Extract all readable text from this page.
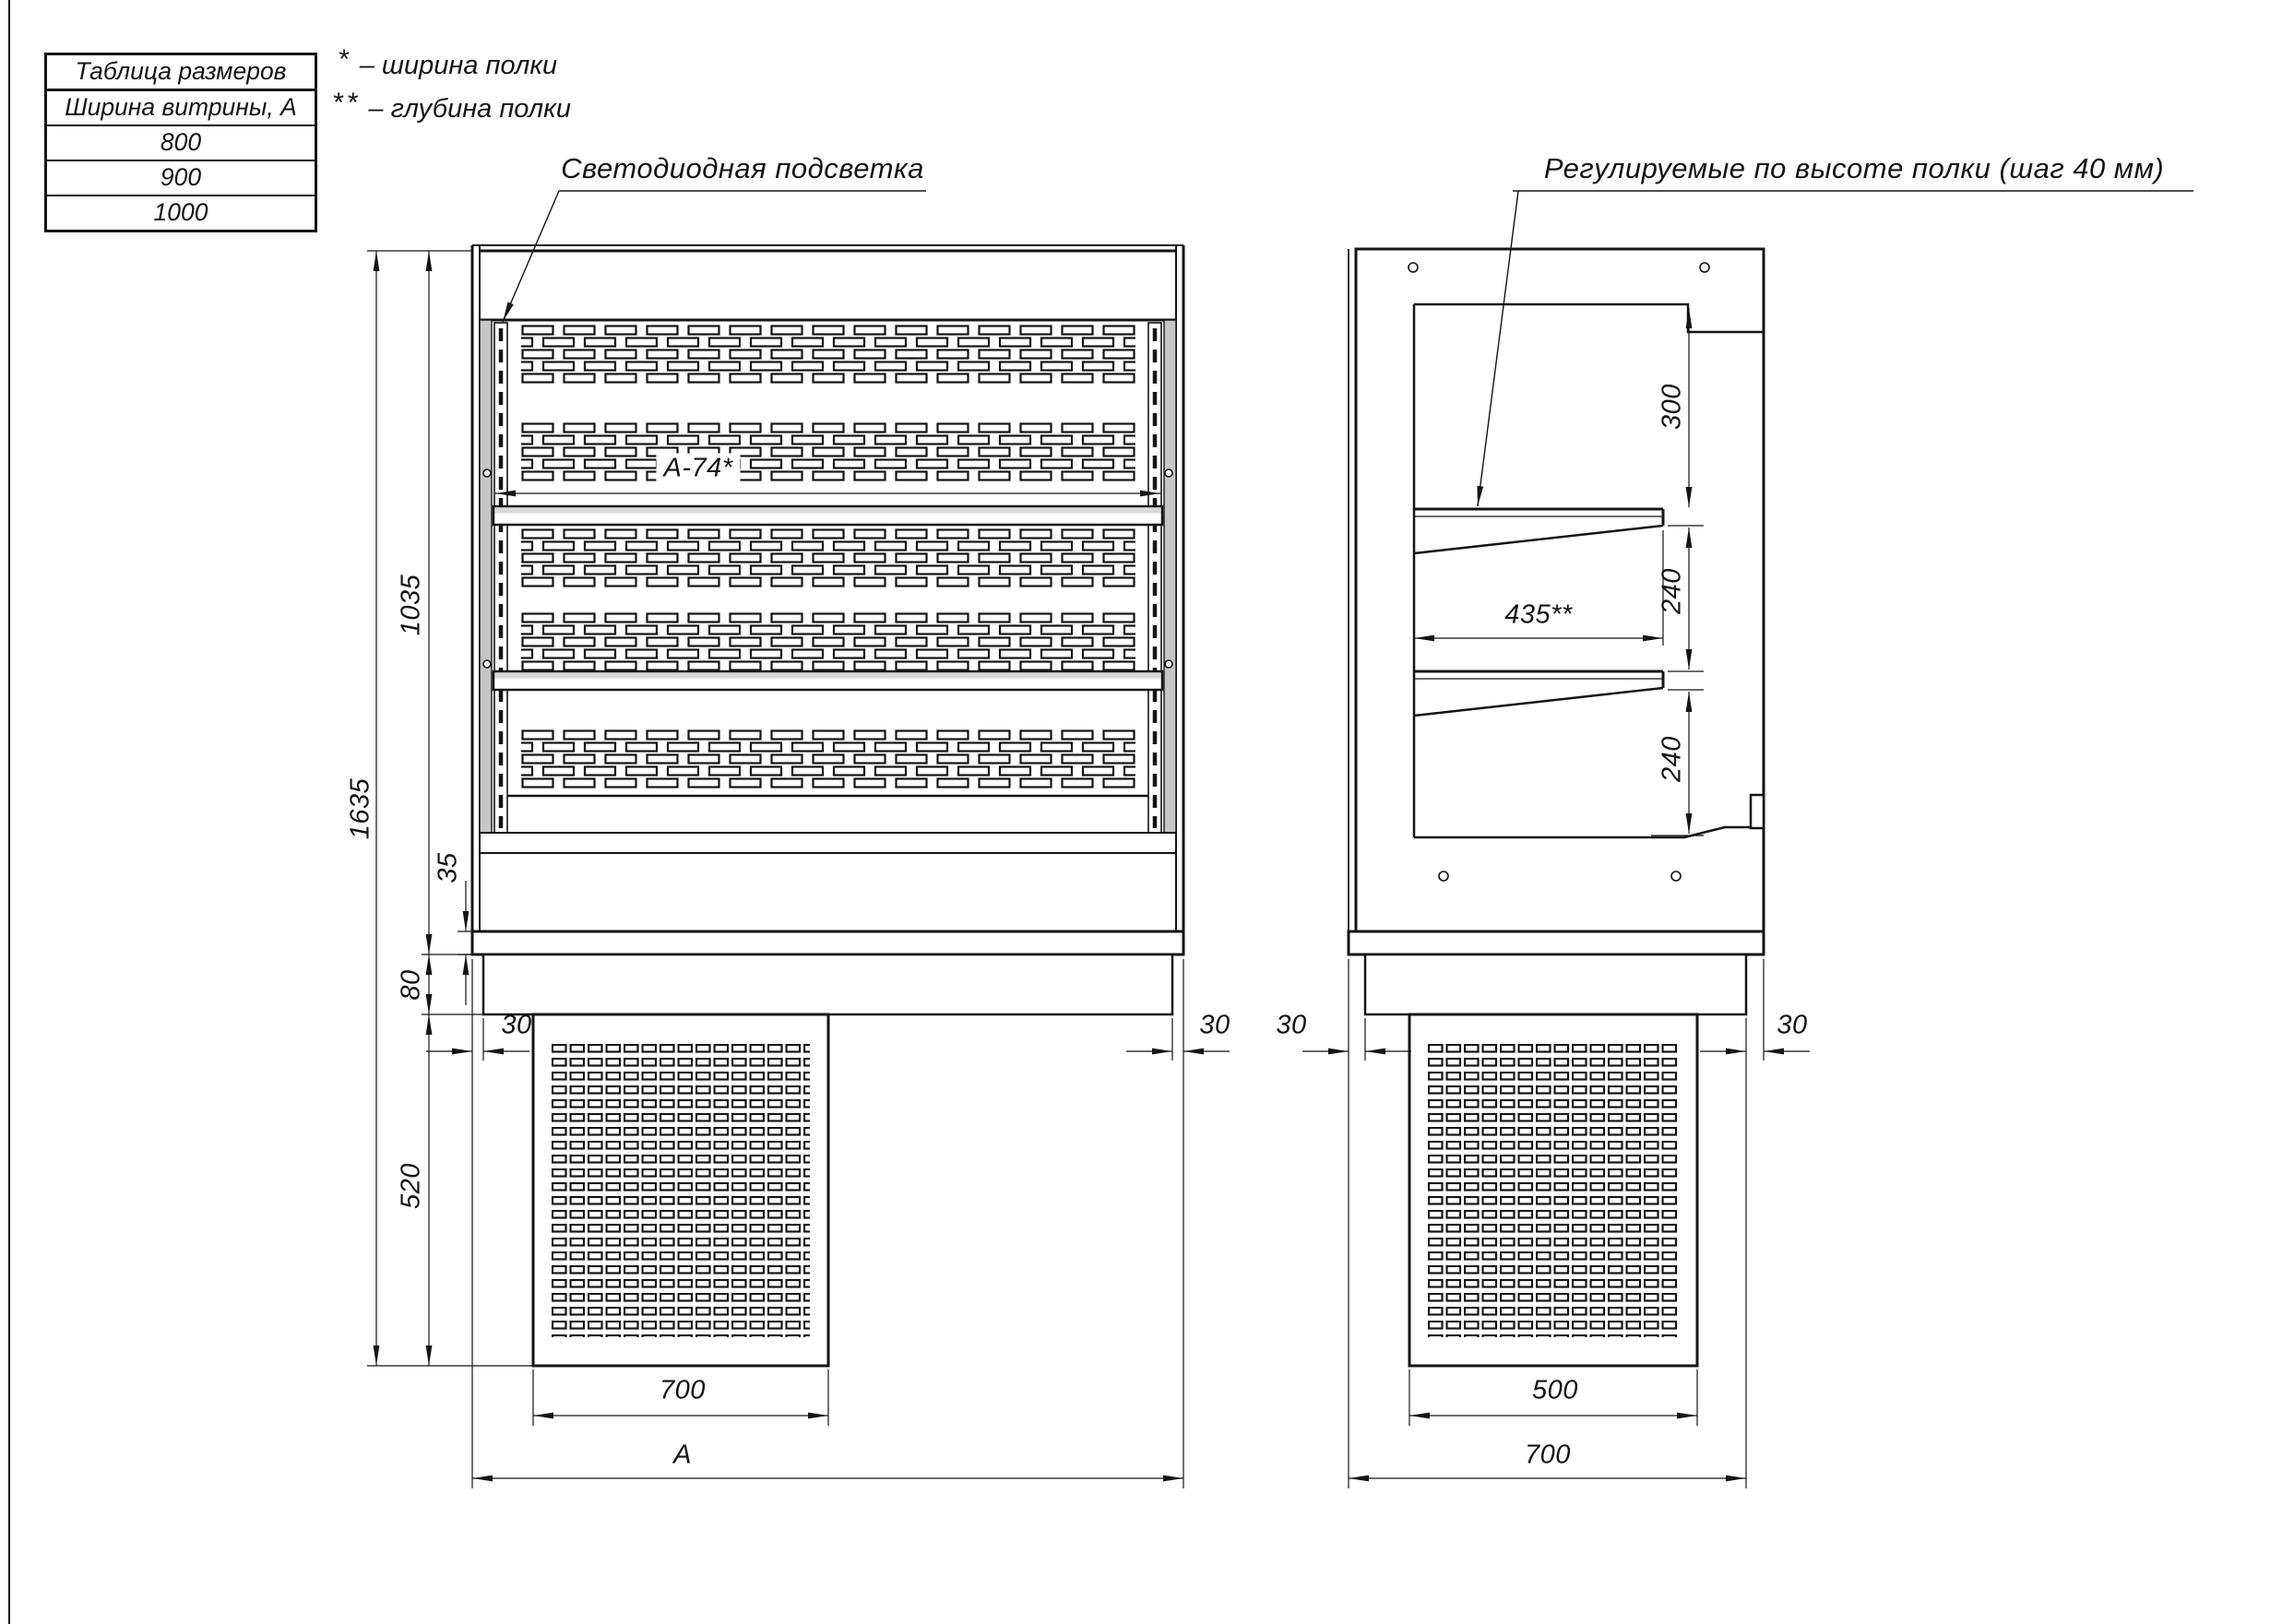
Таблица размеров
Ширина витрины, А
800
900
1000
* – ширина полки
** – глубина полки
Светодиодная подсветка	Регулируемые по высоте полки (шаг 40 мм)
1635
1035
35
80
520
30	30
700
А
А-74*
300
240
240
435**
30	30
500
700
